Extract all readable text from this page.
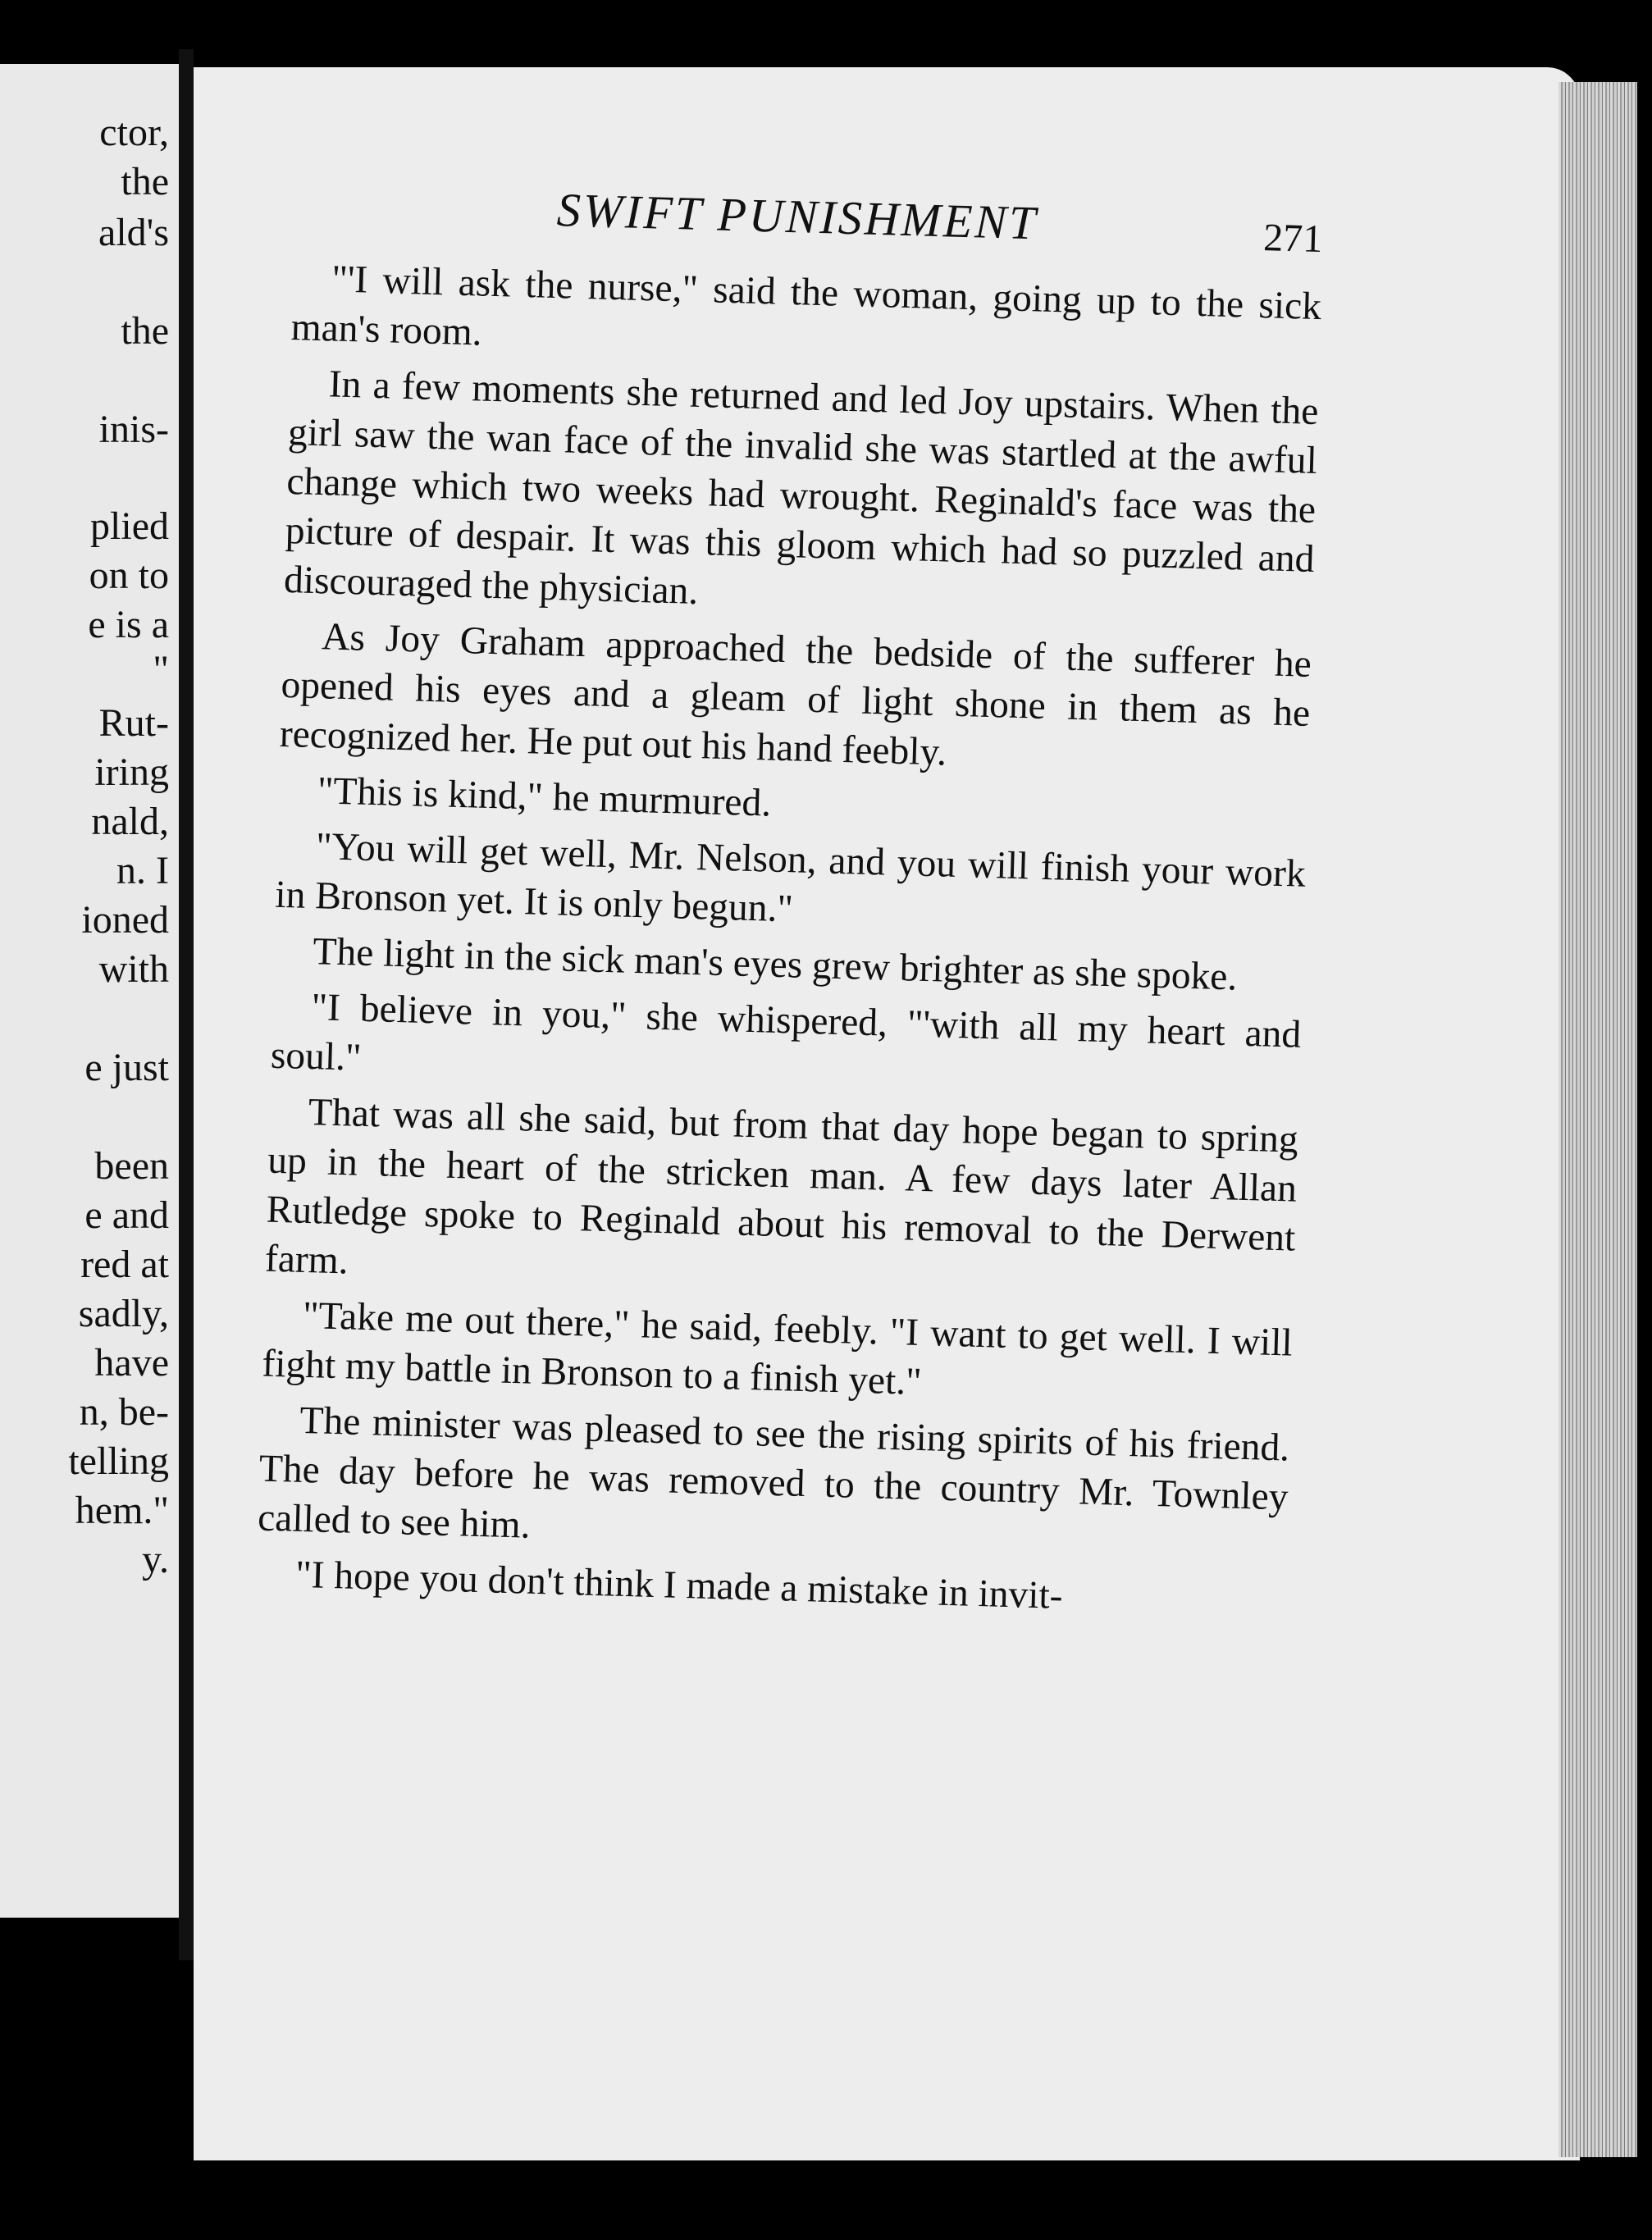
ctor,

the

ald's

the

inis-

plied

on to

e is a

"

Rut-

iring

nald,

n. I

ioned

with

e just

been

e and

red at

sadly,

have

n, be-

telling

hem."

y.

SWIFT PUNISHMENT	271

"'I will ask the nurse," said the woman, going up to the sick man's room.

In a few moments she returned and led Joy upstairs. When the girl saw the wan face of the invalid she was startled at the awful change which two weeks had wrought. Reginald's face was the picture of despair. It was this gloom which had so puzzled and discouraged the physician.

As Joy Graham approached the bedside of the sufferer he opened his eyes and a gleam of light shone in them as he recognized her. He put out his hand feebly.

"This is kind," he murmured.

"You will get well, Mr. Nelson, and you will finish your work in Bronson yet. It is only begun."

The light in the sick man's eyes grew brighter as she spoke.

"I believe in you," she whispered, "'with all my heart and soul."

That was all she said, but from that day hope began to spring up in the heart of the stricken man. A few days later Allan Rutledge spoke to Reginald about his removal to the Derwent farm.

"Take me out there," he said, feebly. "I want to get well. I will fight my battle in Bronson to a finish yet."

The minister was pleased to see the rising spirits of his friend. The day before he was removed to the country Mr. Townley called to see him.

"I hope you don't think I made a mistake in invit-
